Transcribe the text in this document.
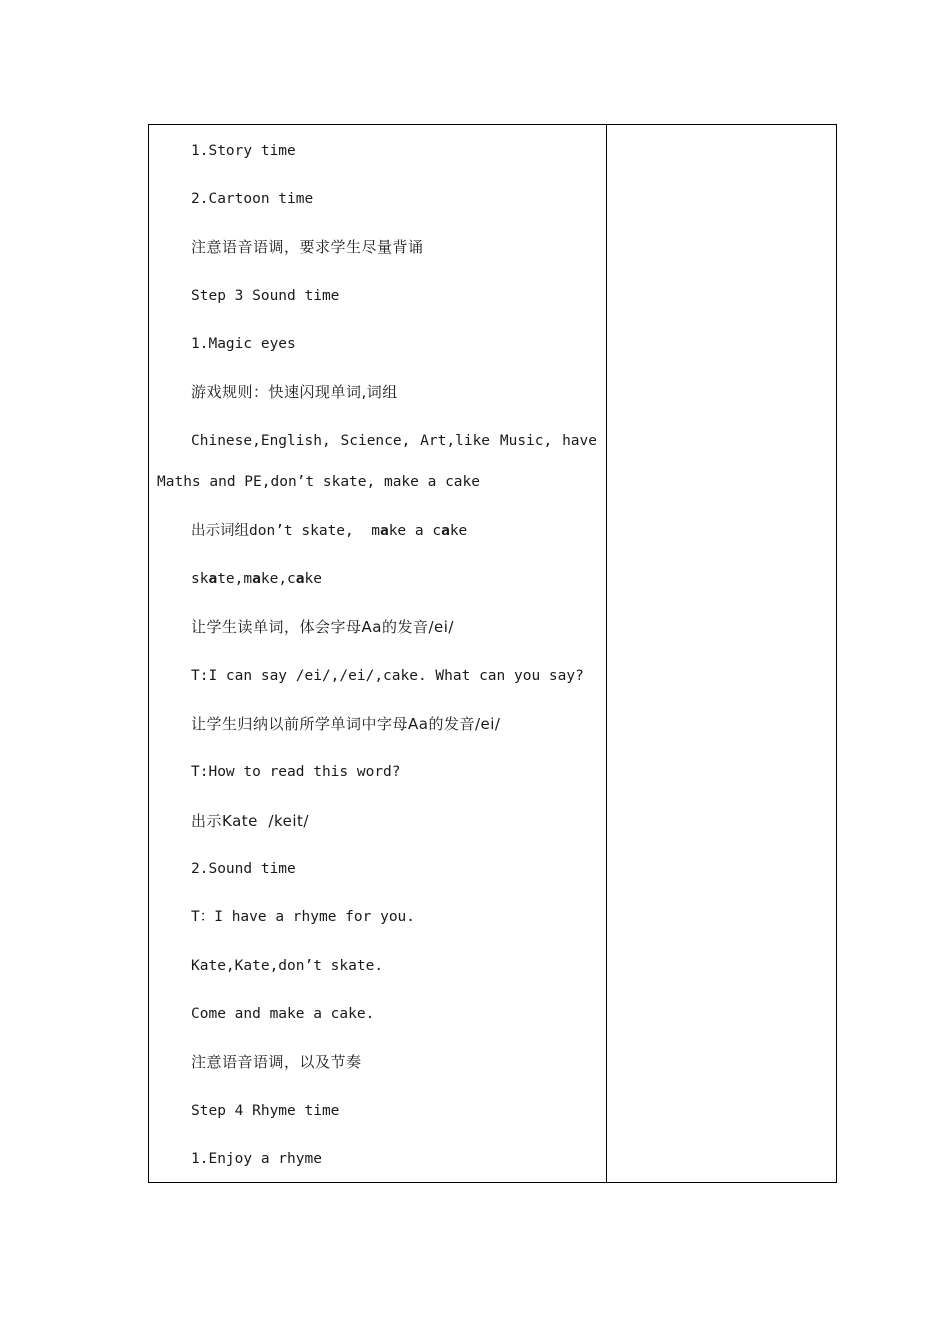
1.Story time
2.Cartoon time
注意语音语调，要求学生尽量背诵
Step 3 Sound time
1.Magic eyes
游戏规则：快速闪现单词,词组
Chinese,English, Science, Art,like Music, have Maths and PE,don’t skate, make a cake
出示词组don’t skate,  make a cake
skate,make,cake
让学生读单词，体会字母Aa的发音/ei/
T:I can say /ei/,/ei/,cake. What can you say?
让学生归纳以前所学单词中字母Aa的发音/ei/
T:How to read this word?
出示Kate  /keit/
2.Sound time
T：I have a rhyme for you.
Kate,Kate,don’t skate.
Come and make a cake.
注意语音语调，以及节奏
Step 4 Rhyme time
1.Enjoy a rhyme
